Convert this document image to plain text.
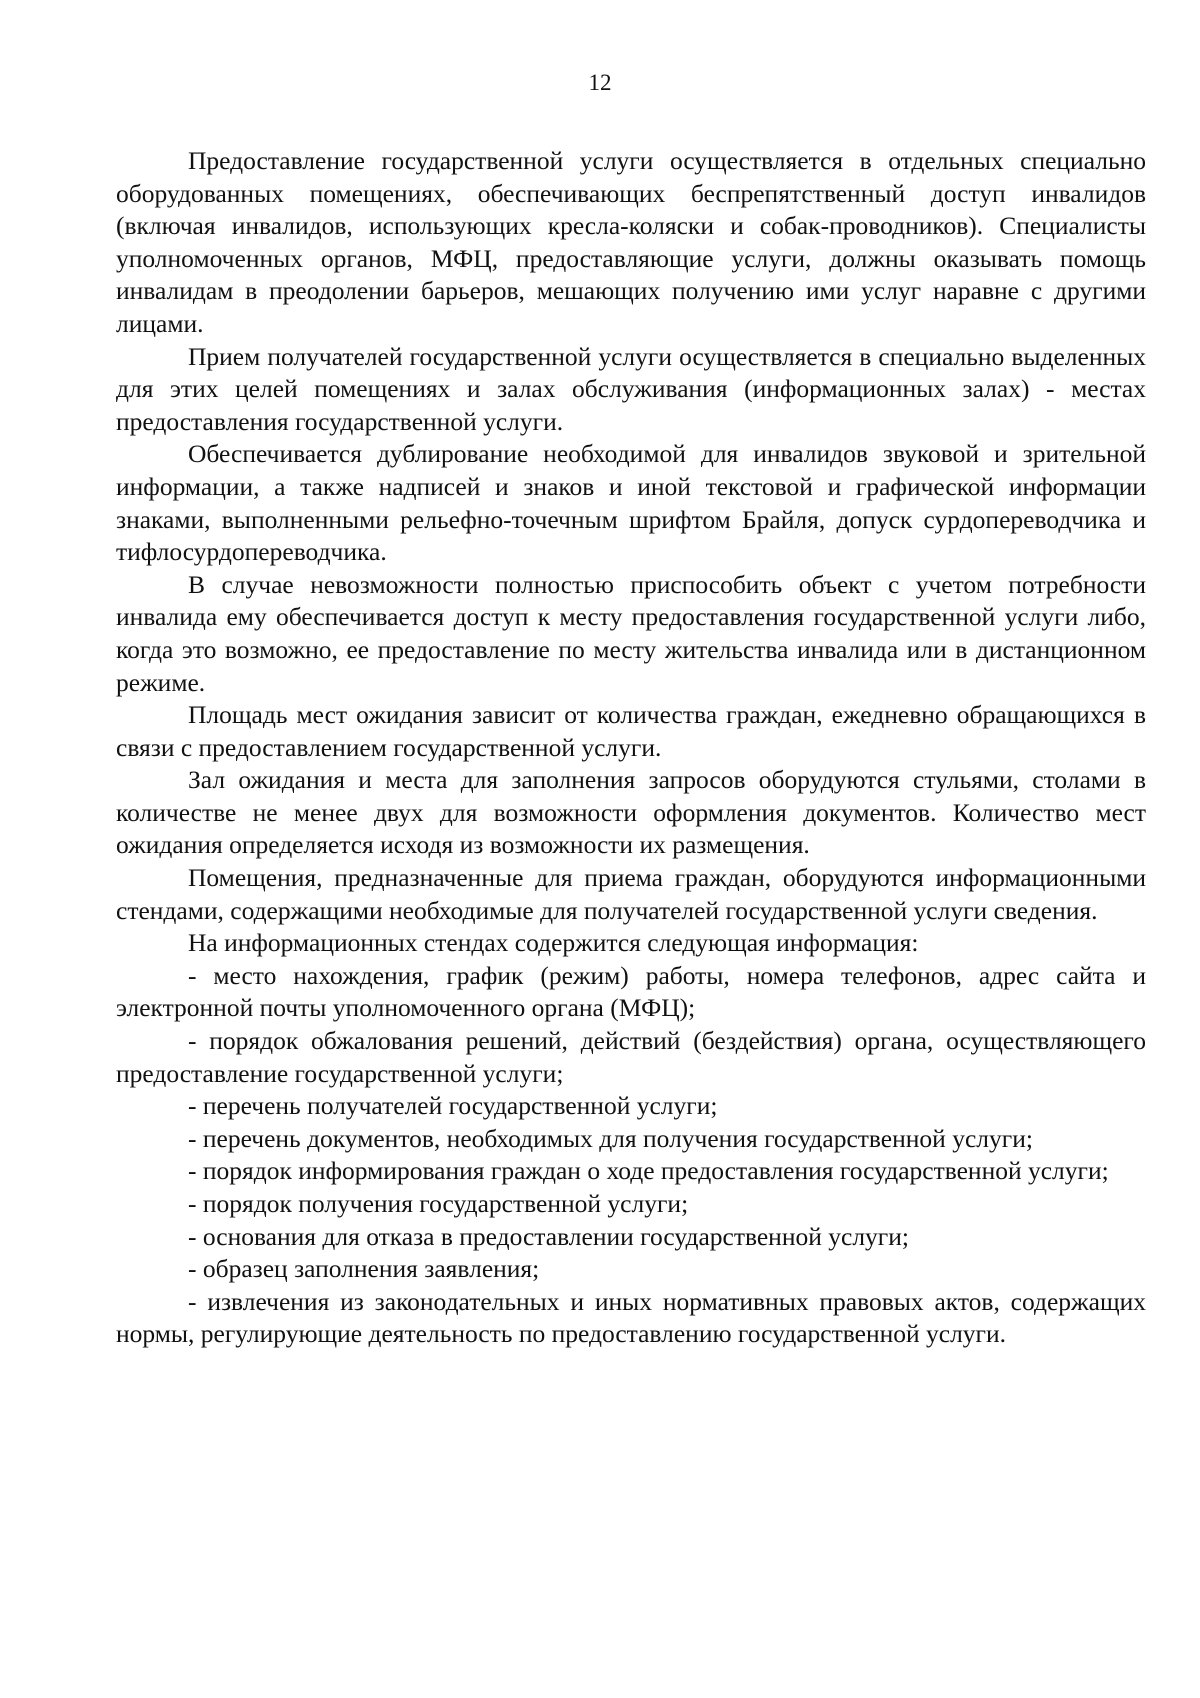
12

Предоставление государственной услуги осуществляется в отдельных специально оборудованных помещениях, обеспечивающих беспрепятственный доступ инвалидов (включая инвалидов, использующих кресла-коляски и собак-проводников). Специалисты уполномоченных органов, МФЦ, предоставляющие услуги, должны оказывать помощь инвалидам в преодолении барьеров, мешающих получению ими услуг наравне с другими лицами.

Прием получателей государственной услуги осуществляется в специально выделенных для этих целей помещениях и залах обслуживания (информационных залах) - местах предоставления государственной услуги.

Обеспечивается дублирование необходимой для инвалидов звуковой и зрительной информации, а также надписей и знаков и иной текстовой и графической информации знаками, выполненными рельефно-точечным шрифтом Брайля, допуск сурдопереводчика и тифлосурдопереводчика.

В случае невозможности полностью приспособить объект с учетом потребности инвалида ему обеспечивается доступ к месту предоставления государственной услуги либо, когда это возможно, ее предоставление по месту жительства инвалида или в дистанционном режиме.

Площадь мест ожидания зависит от количества граждан, ежедневно обращающихся в связи с предоставлением государственной услуги.

Зал ожидания и места для заполнения запросов оборудуются стульями, столами в количестве не менее двух для возможности оформления документов. Количество мест ожидания определяется исходя из возможности их размещения.

Помещения, предназначенные для приема граждан, оборудуются информационными стендами, содержащими необходимые для получателей государственной услуги сведения.

На информационных стендах содержится следующая информация:

- место нахождения, график (режим) работы, номера телефонов, адрес сайта и электронной почты уполномоченного органа (МФЦ);

- порядок обжалования решений, действий (бездействия) органа, осуществляющего предоставление государственной услуги;

- перечень получателей государственной услуги;

- перечень документов, необходимых для получения государственной услуги;

- порядок информирования граждан о ходе предоставления государственной услуги;

- порядок получения государственной услуги;

- основания для отказа в предоставлении государственной услуги;

- образец заполнения заявления;

- извлечения из законодательных и иных нормативных правовых актов, содержащих нормы, регулирующие деятельность по предоставлению государственной услуги.
